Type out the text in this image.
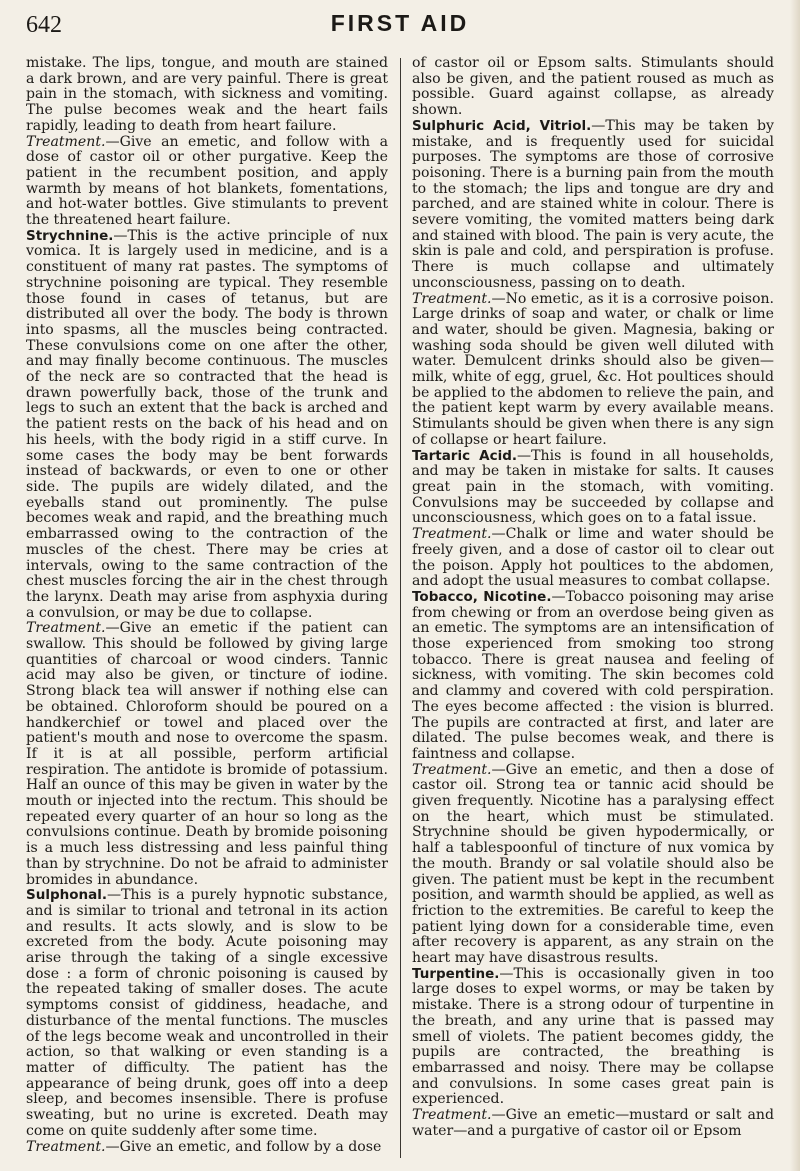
642	FIRST AID

mistake. The lips, tongue, and mouth are stained a dark brown, and are very painful. There is great pain in the stomach, with sickness and vomiting. The pulse becomes weak and the heart fails rapidly, leading to death from heart failure.

Treatment.—Give an emetic, and follow with a dose of castor oil or other purgative. Keep the patient in the recumbent position, and apply warmth by means of hot blankets, fomentations, and hot-water bottles. Give stimulants to prevent the threatened heart failure.

Strychnine.—This is the active principle of nux vomica. It is largely used in medicine, and is a constituent of many rat pastes. The symptoms of strychnine poisoning are typical. They resemble those found in cases of tetanus, but are distributed all over the body. The body is thrown into spasms, all the muscles being contracted. These convulsions come on one after the other, and may finally become continuous. The muscles of the neck are so contracted that the head is drawn powerfully back, those of the trunk and legs to such an extent that the back is arched and the patient rests on the back of his head and on his heels, with the body rigid in a stiff curve. In some cases the body may be bent forwards instead of backwards, or even to one or other side. The pupils are widely dilated, and the eyeballs stand out prominently. The pulse becomes weak and rapid, and the breathing much embarrassed owing to the contraction of the muscles of the chest. There may be cries at intervals, owing to the same contraction of the chest muscles forcing the air in the chest through the larynx. Death may arise from asphyxia during a convulsion, or may be due to collapse.

Treatment.—Give an emetic if the patient can swallow. This should be followed by giving large quantities of charcoal or wood cinders. Tannic acid may also be given, or tincture of iodine. Strong black tea will answer if nothing else can be obtained. Chloroform should be poured on a handkerchief or towel and placed over the patient's mouth and nose to overcome the spasm. If it is at all possible, perform artificial respiration. The antidote is bromide of potassium. Half an ounce of this may be given in water by the mouth or injected into the rectum. This should be repeated every quarter of an hour so long as the convulsions continue. Death by bromide poisoning is a much less distressing and less painful thing than by strychnine. Do not be afraid to administer bromides in abundance.

Sulphonal.—This is a purely hypnotic substance, and is similar to trional and tetronal in its action and results. It acts slowly, and is slow to be excreted from the body. Acute poisoning may arise through the taking of a single excessive dose : a form of chronic poisoning is caused by the repeated taking of smaller doses. The acute symptoms consist of giddiness, headache, and disturbance of the mental functions. The muscles of the legs become weak and uncontrolled in their action, so that walking or even standing is a matter of difficulty. The patient has the appearance of being drunk, goes off into a deep sleep, and becomes insensible. There is profuse sweating, but no urine is excreted. Death may come on quite suddenly after some time.

Treatment.—Give an emetic, and follow by a dose

of castor oil or Epsom salts. Stimulants should also be given, and the patient roused as much as possible. Guard against collapse, as already shown.

Sulphuric Acid, Vitriol.—This may be taken by mistake, and is frequently used for suicidal purposes. The symptoms are those of corrosive poisoning. There is a burning pain from the mouth to the stomach; the lips and tongue are dry and parched, and are stained white in colour. There is severe vomiting, the vomited matters being dark and stained with blood. The pain is very acute, the skin is pale and cold, and perspiration is profuse. There is much collapse and ultimately unconsciousness, passing on to death.

Treatment.—No emetic, as it is a corrosive poison. Large drinks of soap and water, or chalk or lime and water, should be given. Magnesia, baking or washing soda should be given well diluted with water. Demulcent drinks should also be given—milk, white of egg, gruel, &c. Hot poultices should be applied to the abdomen to relieve the pain, and the patient kept warm by every available means. Stimulants should be given when there is any sign of collapse or heart failure.

Tartaric Acid.—This is found in all households, and may be taken in mistake for salts. It causes great pain in the stomach, with vomiting. Convulsions may be succeeded by collapse and unconsciousness, which goes on to a fatal issue.

Treatment.—Chalk or lime and water should be freely given, and a dose of castor oil to clear out the poison. Apply hot poultices to the abdomen, and adopt the usual measures to combat collapse.

Tobacco, Nicotine.—Tobacco poisoning may arise from chewing or from an overdose being given as an emetic. The symptoms are an intensification of those experienced from smoking too strong tobacco. There is great nausea and feeling of sickness, with vomiting. The skin becomes cold and clammy and covered with cold perspiration. The eyes become affected : the vision is blurred. The pupils are contracted at first, and later are dilated. The pulse becomes weak, and there is faintness and collapse.

Treatment.—Give an emetic, and then a dose of castor oil. Strong tea or tannic acid should be given frequently. Nicotine has a paralysing effect on the heart, which must be stimulated. Strychnine should be given hypodermically, or half a tablespoonful of tincture of nux vomica by the mouth. Brandy or sal volatile should also be given. The patient must be kept in the recumbent position, and warmth should be applied, as well as friction to the extremities. Be careful to keep the patient lying down for a considerable time, even after recovery is apparent, as any strain on the heart may have disastrous results.

Turpentine.—This is occasionally given in too large doses to expel worms, or may be taken by mistake. There is a strong odour of turpentine in the breath, and any urine that is passed may smell of violets. The patient becomes giddy, the pupils are contracted, the breathing is embarrassed and noisy. There may be collapse and convulsions. In some cases great pain is experienced.

Treatment.—Give an emetic—mustard or salt and water—and a purgative of castor oil or Epsom
